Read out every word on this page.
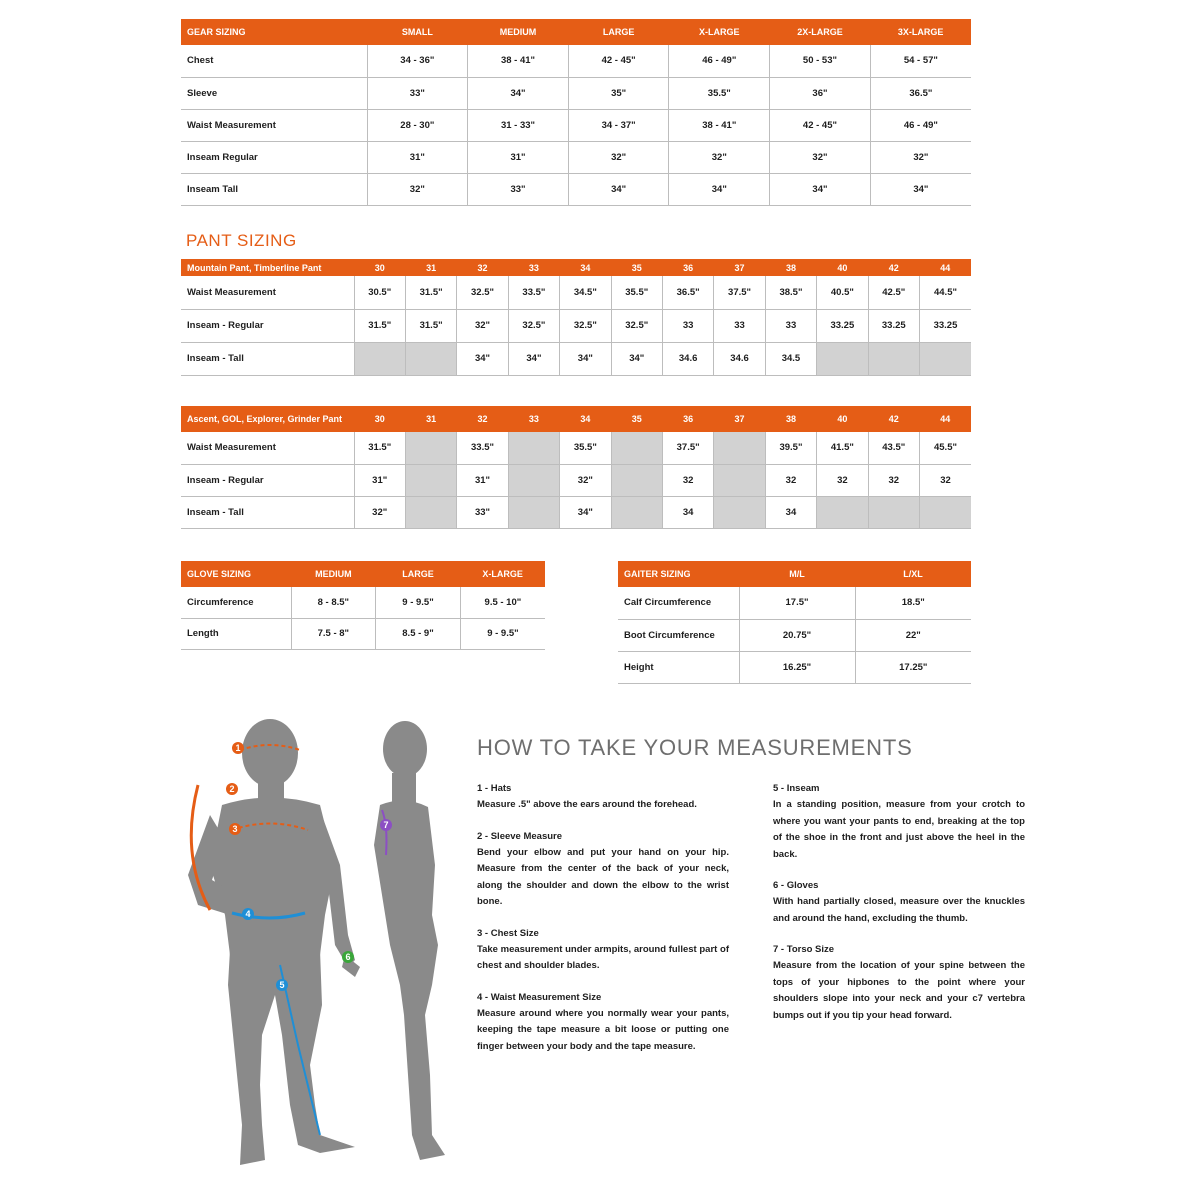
GEAR SIZING	SMALL	MEDIUM	LARGE	X-LARGE	2X-LARGE	3X-LARGE
Chest	34 - 36"	38 - 41"	42 - 45"	46 - 49"	50 - 53"	54 - 57"
Sleeve	33"	34"	35"	35.5"	36"	36.5"
Waist Measurement	28 - 30"	31 - 33"	34 - 37"	38 - 41"	42 - 45"	46 - 49"
Inseam Regular	31"	31"	32"	32"	32"	32"
Inseam Tall	32"	33"	34"	34"	34"	34"
PANT SIZING
Mountain Pant, Timberline Pant	30	31	32	33	34	35	36	37	38	40	42	44
Waist Measurement	30.5"	31.5"	32.5"	33.5"	34.5"	35.5"	36.5"	37.5"	38.5"	40.5"	42.5"	44.5"
Inseam - Regular	31.5"	31.5"	32"	32.5"	32.5"	32.5"	33	33	33	33.25	33.25	33.25
Inseam - Tall			34"	34"	34"	34"	34.6	34.6	34.5			
Ascent, GOL, Explorer, Grinder Pant	30	31	32	33	34	35	36	37	38	40	42	44
Waist Measurement	31.5"		33.5"		35.5"		37.5"		39.5"	41.5"	43.5"	45.5"
Inseam - Regular	31"		31"		32"		32		32	32	32	32
Inseam - Tall	32"		33"		34"		34		34			
GLOVE SIZING	MEDIUM	LARGE	X-LARGE
Circumference	8 - 8.5"	9 - 9.5"	9.5 - 10"
Length	7.5 - 8"	8.5 - 9"	9 - 9.5"
GAITER SIZING	M/L	L/XL
Calf Circumference	17.5"	18.5"
Boot Circumference	20.75"	22"
Height	16.25"	17.25"
1
2
3
4
5
6
7
HOW TO TAKE YOUR MEASUREMENTS

1 - Hats

Measure .5" above the ears around the forehead.

2 - Sleeve Measure

Bend your elbow and put your hand on your hip. Measure from the center of the back of your neck, along the shoulder and down the elbow to the wrist bone.

3 - Chest Size

Take measurement under armpits, around fullest part of chest and shoulder blades.

4 - Waist Measurement Size

Measure around where you normally wear your pants, keeping the tape measure a bit loose or putting one finger between your body and the tape measure.

5 - Inseam

In a standing position, measure from your crotch to where you want your pants to end, breaking at the top of the shoe in the front and just above the heel in the back.

6 - Gloves

With hand partially closed, measure over the knuckles and around the hand, excluding the thumb.

7 - Torso Size

Measure from the location of your spine between the tops of your hipbones to the point where your shoulders slope into your neck and your c7 vertebra bumps out if you tip your head forward.
